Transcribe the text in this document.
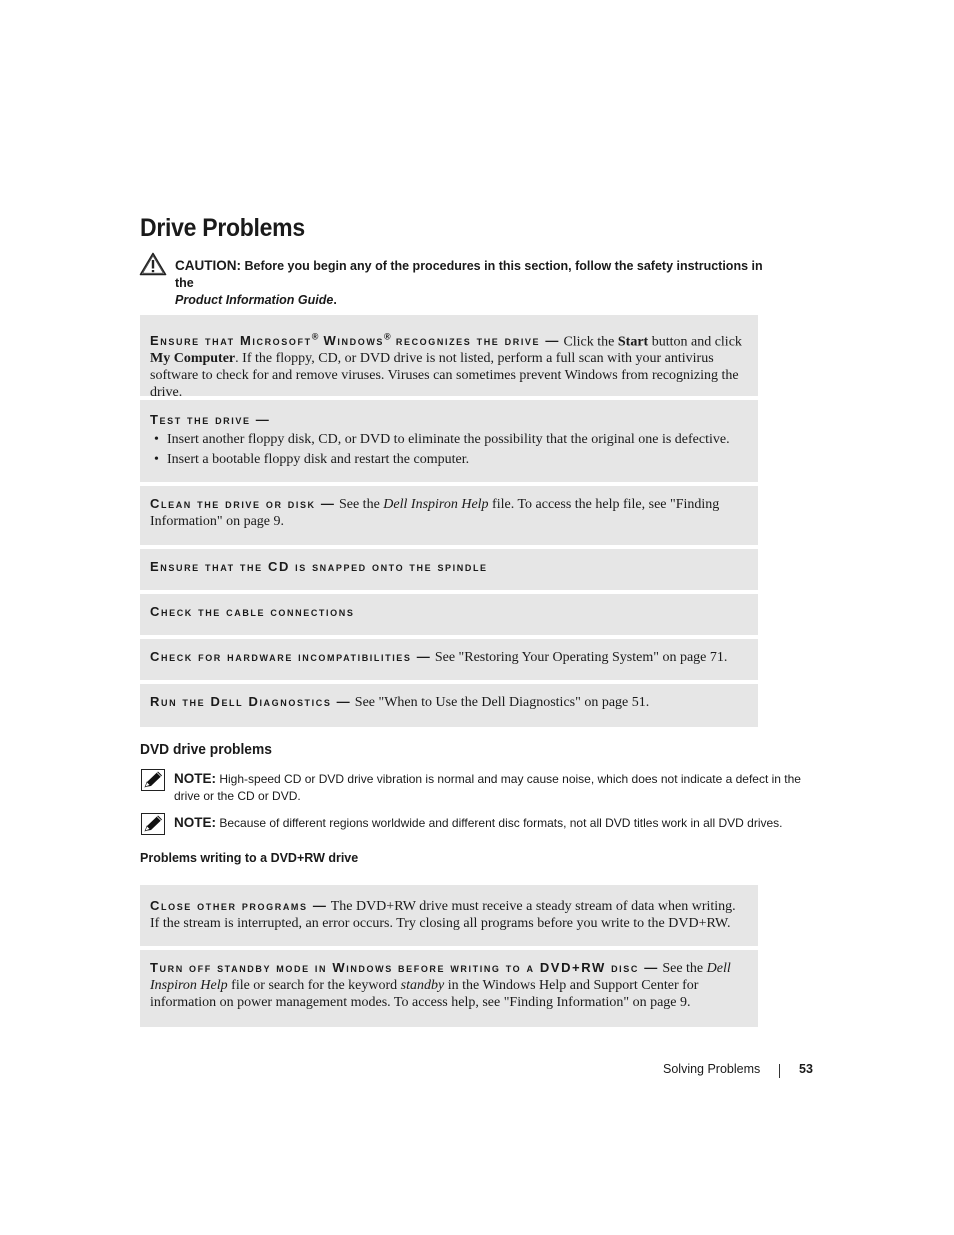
Drive Problems
CAUTION: Before you begin any of the procedures in this section, follow the safety instructions in the
Product Information Guide.
Ensure that Microsoft® Windows® recognizes the drive — Click the Start button and click My Computer. If the floppy, CD, or DVD drive is not listed, perform a full scan with your antivirus software to check for and remove viruses. Viruses can sometimes prevent Windows from recognizing the drive.
Test the drive —
• Insert another floppy disk, CD, or DVD to eliminate the possibility that the original one is defective.
• Insert a bootable floppy disk and restart the computer.
Clean the drive or disk — See the Dell Inspiron Help file. To access the help file, see "Finding Information" on page 9.
Ensure that the CD is snapped onto the spindle
Check the cable connections
Check for hardware incompatibilities — See "Restoring Your Operating System" on page 71.
Run the Dell Diagnostics — See "When to Use the Dell Diagnostics" on page 51.
DVD drive problems
NOTE: High-speed CD or DVD drive vibration is normal and may cause noise, which does not indicate a defect in the drive or the CD or DVD.
NOTE: Because of different regions worldwide and different disc formats, not all DVD titles work in all DVD drives.
Problems writing to a DVD+RW drive
Close other programs — The DVD+RW drive must receive a steady stream of data when writing. If the stream is interrupted, an error occurs. Try closing all programs before you write to the DVD+RW.
Turn off standby mode in Windows before writing to a DVD+RW disc — See the Dell Inspiron Help file or search for the keyword standby in the Windows Help and Support Center for information on power management modes. To access help, see "Finding Information" on page 9.
Solving Problems	53
